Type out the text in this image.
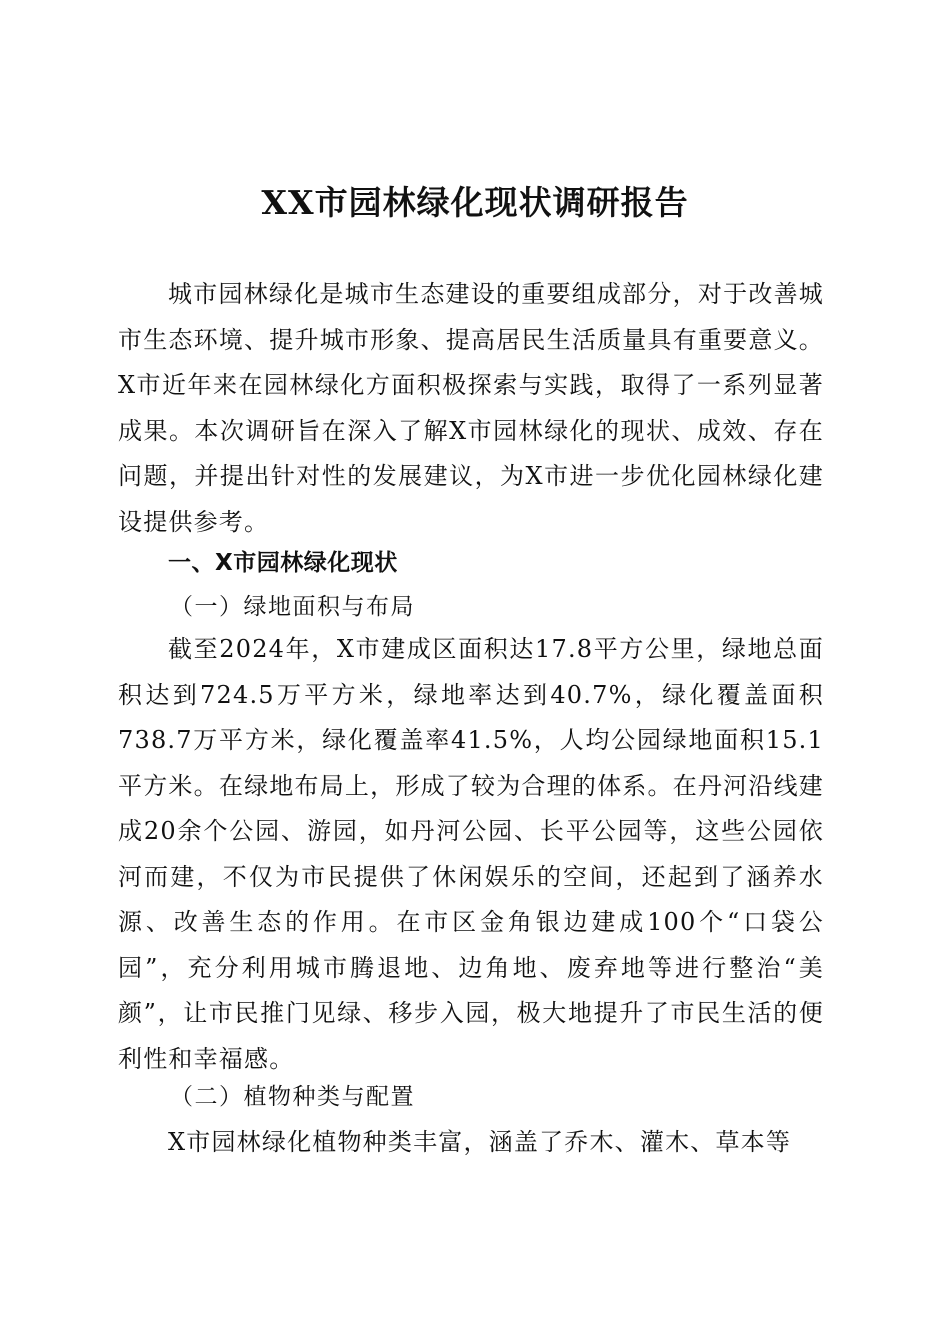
XX市园林绿化现状调研报告
城市园林绿化是城市生态建设的重要组成部分，对于改善城市生态环境、提升城市形象、提高居民生活质量具有重要意义。X市近年来在园林绿化方面积极探索与实践，取得了一系列显著成果。本次调研旨在深入了解X市园林绿化的现状、成效、存在问题，并提出针对性的发展建议，为X市进一步优化园林绿化建设提供参考。
一、X市园林绿化现状
（一）绿地面积与布局
截至2024年，X市建成区面积达17.8平方公里，绿地总面积达到724.5万平方米，绿地率达到40.7%，绿化覆盖面积738.7万平方米，绿化覆盖率41.5%，人均公园绿地面积15.1平方米。在绿地布局上，形成了较为合理的体系。在丹河沿线建成20余个公园、游园，如丹河公园、长平公园等，这些公园依河而建，不仅为市民提供了休闲娱乐的空间，还起到了涵养水源、改善生态的作用。在市区金角银边建成100个“口袋公园”，充分利用城市腾退地、边角地、废弃地等进行整治“美颜”，让市民推门见绿、移步入园，极大地提升了市民生活的便利性和幸福感。
（二）植物种类与配置
X市园林绿化植物种类丰富，涵盖了乔木、灌木、草本等
